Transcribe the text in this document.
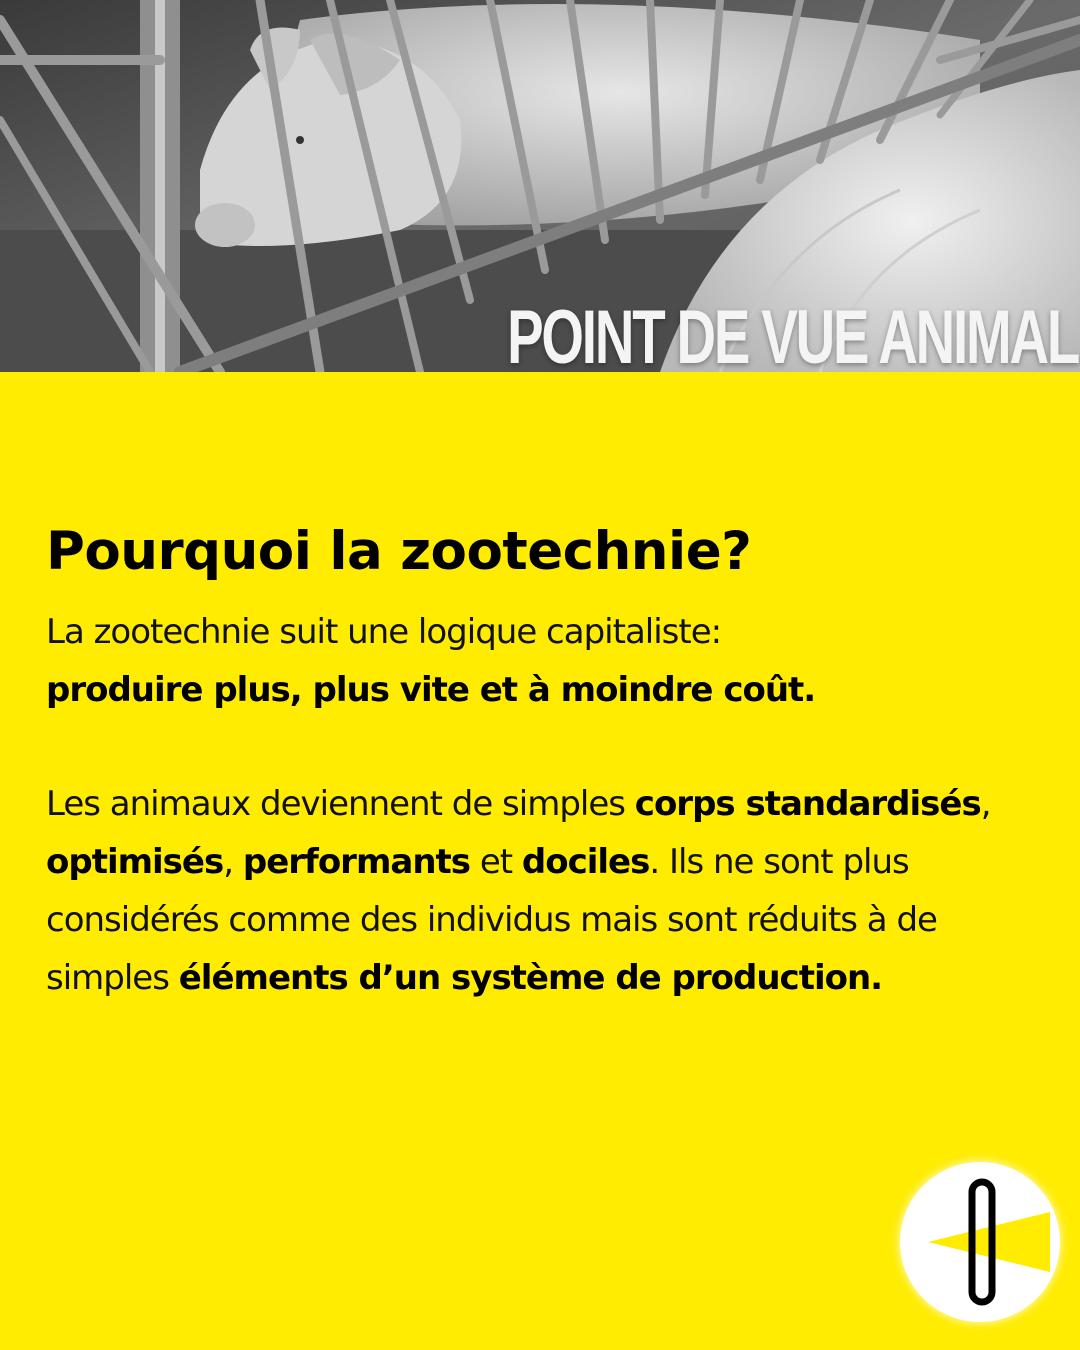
POINT DE VUE ANIMAL
Pourquoi la zootechnie?

La zootechnie suit une logique capitaliste:
produire plus, plus vite et à moindre coût.

Les animaux deviennent de simples corps standardisés, optimisés, performants et dociles. Ils ne sont plus considérés comme des individus mais sont réduits à de simples éléments d’un système de production.
